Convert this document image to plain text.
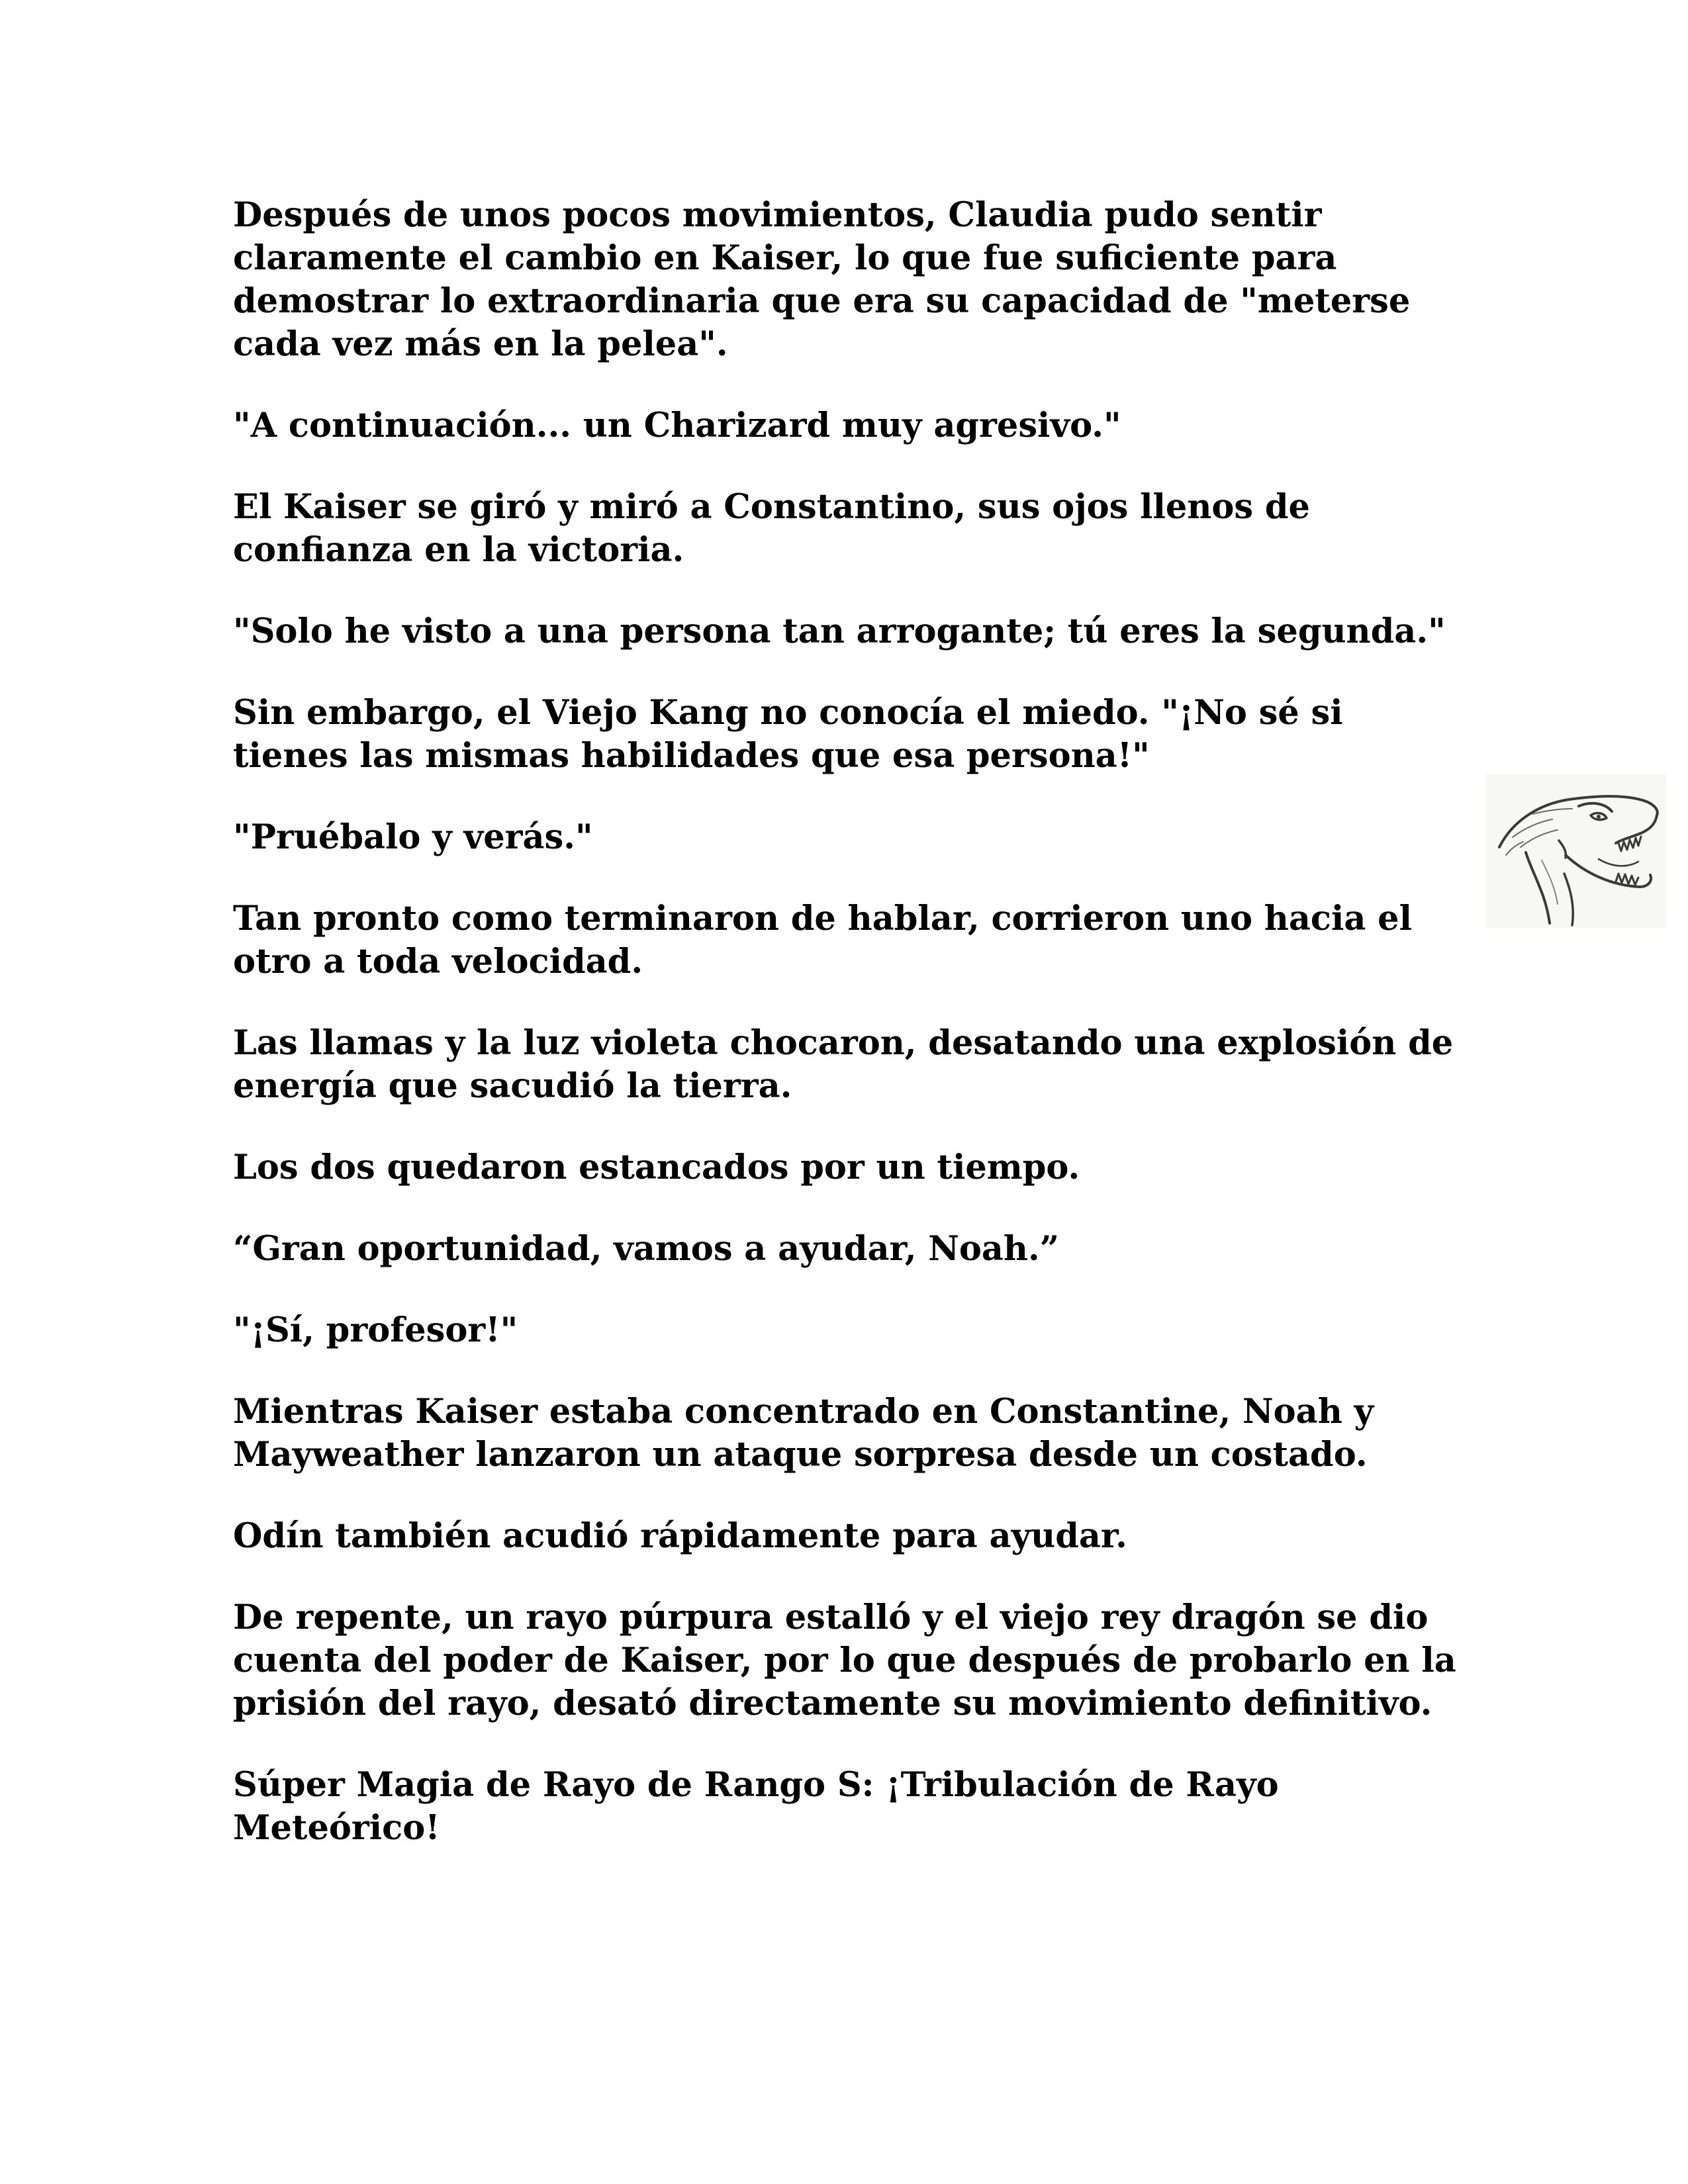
Después de unos pocos movimientos, Claudia pudo sentir claramente el cambio en Kaiser, lo que fue suficiente para demostrar lo extraordinaria que era su capacidad de "meterse cada vez más en la pelea".

"A continuación... un Charizard muy agresivo."

El Kaiser se giró y miró a Constantino, sus ojos llenos de confianza en la victoria.

"Solo he visto a una persona tan arrogante; tú eres la segunda."

Sin embargo, el Viejo Kang no conocía el miedo. "¡No sé si tienes las mismas habilidades que esa persona!"

"Pruébalo y verás."

Tan pronto como terminaron de hablar, corrieron uno hacia el otro a toda velocidad.

Las llamas y la luz violeta chocaron, desatando una explosión de energía que sacudió la tierra.

Los dos quedaron estancados por un tiempo.

“Gran oportunidad, vamos a ayudar, Noah.”

"¡Sí, profesor!"

Mientras Kaiser estaba concentrado en Constantine, Noah y Mayweather lanzaron un ataque sorpresa desde un costado.

Odín también acudió rápidamente para ayudar.

De repente, un rayo púrpura estalló y el viejo rey dragón se dio cuenta del poder de Kaiser, por lo que después de probarlo en la prisión del rayo, desató directamente su movimiento definitivo.

Súper Magia de Rayo de Rango S: ¡Tribulación de Rayo Meteórico!
